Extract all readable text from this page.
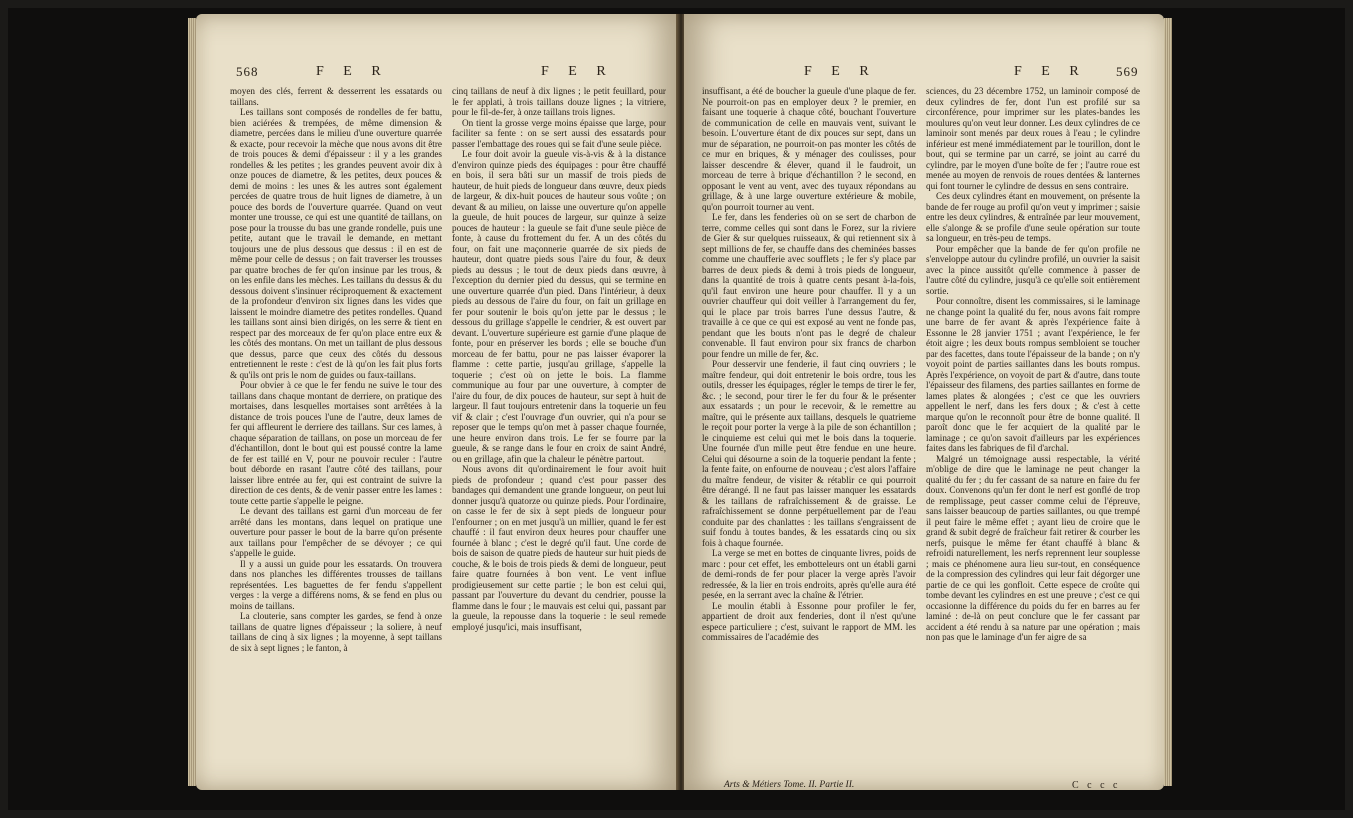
568	F E R	F E R

moyen des clés, ferrent & desserrent les essatards ou taillans.

Les taillans sont composés de rondelles de fer battu, bien aciérées & trempées, de même dimension & diametre, percées dans le milieu d'une ouverture quarrée & exacte, pour recevoir la mèche que nous avons dit être de trois pouces & demi d'épaisseur : il y a les grandes rondelles & les petites ; les grandes peuvent avoir dix à onze pouces de diametre, & les petites, deux pouces & demi de moins : les unes & les autres sont également percées de quatre trous de huit lignes de diametre, à un pouce des bords de l'ouverture quarrée. Quand on veut monter une trousse, ce qui est une quantité de taillans, on pose pour la trousse du bas une grande rondelle, puis une petite, autant que le travail le demande, en mettant toujours une de plus dessous que dessus : il en est de même pour celle de dessus ; on fait traverser les trousses par quatre broches de fer qu'on insinue par les trous, & on les enfile dans les mèches. Les taillans du dessus & du dessous doivent s'insinuer réciproquement & exactement de la profondeur d'environ six lignes dans les vides que laissent le moindre diametre des petites rondelles. Quand les taillans sont ainsi bien dirigés, on les serre & tient en respect par des morceaux de fer qu'on place entre eux & les côtés des montans. On met un taillant de plus dessous que dessus, parce que ceux des côtés du dessous entretiennent le reste : c'est de là qu'on les fait plus forts & qu'ils ont pris le nom de guides ou faux-taillans.

Pour obvier à ce que le fer fendu ne suive le tour des taillans dans chaque montant de derriere, on pratique des mortaises, dans lesquelles mortaises sont arrêtées à la distance de trois pouces l'une de l'autre, deux lames de fer qui affleurent le derriere des taillans. Sur ces lames, à chaque séparation de taillans, on pose un morceau de fer d'échantillon, dont le bout qui est poussé contre la lame de fer est taillé en V, pour ne pouvoir reculer : l'autre bout déborde en rasant l'autre côté des taillans, pour laisser libre entrée au fer, qui est contraint de suivre la direction de ces dents, & de venir passer entre les lames : toute cette partie s'appelle le peigne.

Le devant des taillans est garni d'un morceau de fer arrêté dans les montans, dans lequel on pratique une ouverture pour passer le bout de la barre qu'on présente aux taillans pour l'empêcher de se dévoyer ; ce qui s'appelle le guide.

Il y a aussi un guide pour les essatards. On trouvera dans nos planches les différentes trousses de taillans représentées. Les baguettes de fer fendu s'appellent verges : la verge a différens noms, & se fend en plus ou moins de taillans.

La clouterie, sans compter les gardes, se fend à onze taillans de quatre lignes d'épaisseur ; la soliere, à neuf taillans de cinq à six lignes ; la moyenne, à sept taillans de six à sept lignes ; le fanton, à

cinq taillans de neuf à dix lignes ; le petit feuillard, pour le fer applati, à trois taillans douze lignes ; la vitriere, pour le fil-de-fer, à onze taillans trois lignes.

On tient la grosse verge moins épaisse que large, pour faciliter sa fente : on se sert aussi des essatards pour passer l'embattage des roues qui se fait d'une seule pièce.

Le four doit avoir la gueule vis-à-vis & à la distance d'environ quinze pieds des équipages : pour être chauffé en bois, il sera bâti sur un massif de trois pieds de hauteur, de huit pieds de longueur dans œuvre, deux pieds de largeur, & dix-huit pouces de hauteur sous voûte ; on devant & au milieu, on laisse une ouverture qu'on appelle la gueule, de huit pouces de largeur, sur quinze à seize pouces de hauteur : la gueule se fait d'une seule pièce de fonte, à cause du frottement du fer. A un des côtés du four, on fait une maçonnerie quarrée de six pieds de hauteur, dont quatre pieds sous l'aire du four, & deux pieds au dessus ; le tout de deux pieds dans œuvre, à l'exception du dernier pied du dessus, qui se termine en une ouverture quarrée d'un pied. Dans l'intérieur, à deux pieds au dessous de l'aire du four, on fait un grillage en fer pour soutenir le bois qu'on jette par le dessus ; le dessous du grillage s'appelle le cendrier, & est ouvert par devant. L'ouverture supérieure est garnie d'une plaque de fonte, pour en préserver les bords ; elle se bouche d'un morceau de fer battu, pour ne pas laisser évaporer la flamme : cette partie, jusqu'au grillage, s'appelle la toquerie ; c'est où on jette le bois. La flamme communique au four par une ouverture, à compter de l'aire du four, de dix pouces de hauteur, sur sept à huit de largeur. Il faut toujours entretenir dans la toquerie un feu vif & clair ; c'est l'ouvrage d'un ouvrier, qui n'a pour se reposer que le temps qu'on met à passer chaque fournée, une heure environ dans trois. Le fer se fourre par la gueule, & se range dans le four en croix de saint André, ou en grillage, afin que la chaleur le pénètre partout.

Nous avons dit qu'ordinairement le four avoit huit pieds de profondeur ; quand c'est pour passer des bandages qui demandent une grande longueur, on peut lui donner jusqu'à quatorze ou quinze pieds. Pour l'ordinaire, on casse le fer de six à sept pieds de longueur pour l'enfourner ; on en met jusqu'à un millier, quand le fer est chauffé : il faut environ deux heures pour chauffer une fournée à blanc ; c'est le degré qu'il faut. Une corde de bois de saison de quatre pieds de hauteur sur huit pieds de couche, & le bois de trois pieds & demi de longueur, peut faire quatre fournées à bon vent. Le vent influe prodigieusement sur cette partie ; le bon est celui qui, passant par l'ouverture du devant du cendrier, pousse la flamme dans le four ; le mauvais est celui qui, passant par la gueule, la repousse dans la toquerie : le seul remede employé jusqu'ici, mais insuffisant,

F E R	F E R 569

insuffisant, a été de boucher la gueule d'une plaque de fer. Ne pourroit-on pas en employer deux ? le premier, en faisant une toquerie à chaque côté, bouchant l'ouverture de communication de celle en mauvais vent, suivant le besoin. L'ouverture étant de dix pouces sur sept, dans un mur de séparation, ne pourroit-on pas monter les côtés de ce mur en briques, & y ménager des coulisses, pour laisser descendre & élever, quand il le faudroit, un morceau de terre à brique d'échantillon ? le second, en opposant le vent au vent, avec des tuyaux répondans au grillage, & à une large ouverture extérieure & mobile, qu'on pourroit tourner au vent.

Le fer, dans les fenderies où on se sert de charbon de terre, comme celles qui sont dans le Forez, sur la riviere de Gier & sur quelques ruisseaux, & qui retiennent six à sept millions de fer, se chauffe dans des cheminées basses comme une chaufferie avec soufflets ; le fer s'y place par barres de deux pieds & demi à trois pieds de longueur, dans la quantité de trois à quatre cents pesant à-la-fois, qu'il faut environ une heure pour chauffer. Il y a un ouvrier chauffeur qui doit veiller à l'arrangement du fer, qui le place par trois barres l'une dessus l'autre, & travaille à ce que ce qui est exposé au vent ne fonde pas, pendant que les bouts n'ont pas le degré de chaleur convenable. Il faut environ pour six francs de charbon pour fendre un mille de fer, &c.

Pour desservir une fenderie, il faut cinq ouvriers ; le maître fendeur, qui doit entretenir le bois ordre, tous les outils, dresser les équipages, régler le temps de tirer le fer, &c. ; le second, pour tirer le fer du four & le présenter aux essatards ; un pour le recevoir, & le remettre au maître, qui le présente aux taillans, desquels le quatrieme le reçoit pour porter la verge à la pile de son échantillon ; le cinquieme est celui qui met le bois dans la toquerie. Une fournée d'un mille peut être fendue en une heure. Celui qui désourne a soin de la toquerie pendant la fente ; la fente faite, on enfourne de nouveau ; c'est alors l'affaire du maître fendeur, de visiter & rétablir ce qui pourroit être dérangé. Il ne faut pas laisser manquer les essatards & les taillans de rafraîchissement & de graisse. Le rafraîchissement se donne perpétuellement par de l'eau conduite par des chanlattes : les taillans s'engraissent de suif fondu à toutes bandes, & les essatards cinq ou six fois à chaque fournée.

La verge se met en bottes de cinquante livres, poids de marc : pour cet effet, les embotteleurs ont un établi garni de demi-ronds de fer pour placer la verge après l'avoir redressée, & la lier en trois endroits, après qu'elle aura été pesée, en la serrant avec la chaîne & l'étrier.

Le moulin établi à Essonne pour profiler le fer, appartient de droit aux fenderies, dont il n'est qu'une espece particuliere ; c'est, suivant le rapport de MM. les commissaires de l'académie des

sciences, du 23 décembre 1752, un laminoir composé de deux cylindres de fer, dont l'un est profilé sur sa circonférence, pour imprimer sur les plates-bandes les moulures qu'on veut leur donner. Les deux cylindres de ce laminoir sont menés par deux roues à l'eau ; le cylindre inférieur est mené immédiatement par le tourillon, dont le bout, qui se termine par un carré, se joint au carré du cylindre, par le moyen d'une boîte de fer ; l'autre roue est menée au moyen de renvois de roues dentées & lanternes qui font tourner le cylindre de dessus en sens contraire.

Ces deux cylindres étant en mouvement, on présente la bande de fer rouge au profil qu'on veut y imprimer ; saisie entre les deux cylindres, & entraînée par leur mouvement, elle s'alonge & se profile d'une seule opération sur toute sa longueur, en très-peu de temps.

Pour empêcher que la bande de fer qu'on profile ne s'enveloppe autour du cylindre profilé, un ouvrier la saisit avec la pince aussitôt qu'elle commence à passer de l'autre côté du cylindre, jusqu'à ce qu'elle soit entièrement sortie.

Pour connoître, disent les commissaires, si le laminage ne change point la qualité du fer, nous avons fait rompre une barre de fer avant & après l'expérience faite à Essonne le 28 janvier 1751 ; avant l'expérience, le fer étoit aigre ; les deux bouts rompus sembloient se toucher par des facettes, dans toute l'épaisseur de la bande ; on n'y voyoit point de parties saillantes dans les bouts rompus. Après l'expérience, on voyoit de part & d'autre, dans toute l'épaisseur des filamens, des parties saillantes en forme de lames plates & alongées ; c'est ce que les ouvriers appellent le nerf, dans les fers doux ; & c'est à cette marque qu'on le reconnoît pour être de bonne qualité. Il paroît donc que le fer acquiert de la qualité par le laminage ; ce qu'on savoit d'ailleurs par les expériences faites dans les fabriques de fil d'archal.

Malgré un témoignage aussi respectable, la vérité m'oblige de dire que le laminage ne peut changer la qualité du fer ; du fer cassant de sa nature en faire du fer doux. Convenons qu'un fer dont le nerf est gonflé de trop de remplissage, peut casser comme celui de l'épreuve, sans laisser beaucoup de parties saillantes, ou que trempé il peut faire le même effet ; ayant lieu de croire que le grand & subit degré de fraîcheur fait retirer & courber les nerfs, puisque le même fer étant chauffé à blanc & refroidi naturellement, les nerfs reprennent leur souplesse ; mais ce phénomene aura lieu sur-tout, en conséquence de la compression des cylindres qui leur fait dégorger une partie de ce qui les gonfloit. Cette espece de croûte qui tombe devant les cylindres en est une preuve ; c'est ce qui occasionne la différence du poids du fer en barres au fer laminé : de-là on peut conclure que le fer cassant par accident a été rendu à sa nature par une opération ; mais non pas que le laminage d'un fer aigre de sa

Arts & Métiers Tome. II. Partie II.	C c c c
